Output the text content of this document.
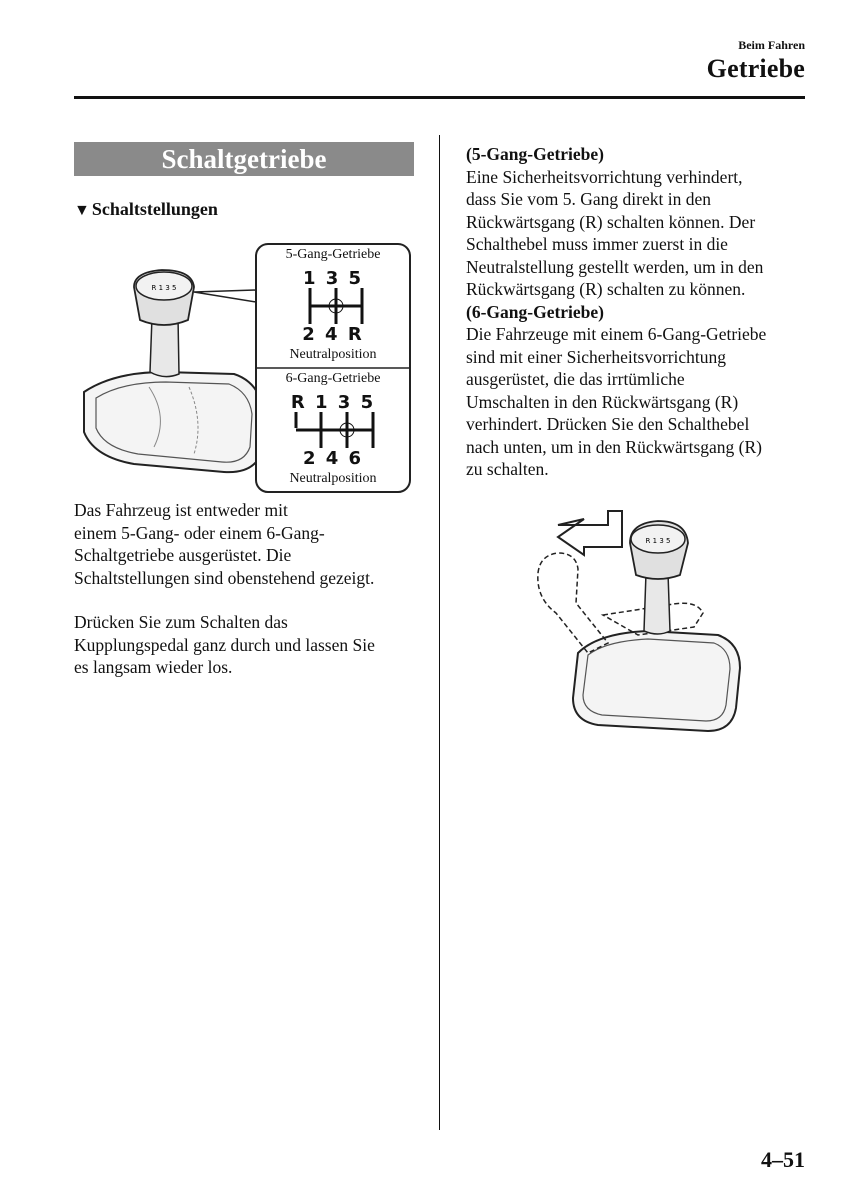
Beim Fahren
Getriebe
Schaltgetriebe
▼ Schaltstellungen
R 1 3 5
5-Gang-Getriebe
1 3 5
2 4 R
Neutralposition
6-Gang-Getriebe
R 1 3 5
2 4 6
Neutralposition
Das Fahrzeug ist entweder mit
einem 5-Gang- oder einem 6-Gang-
Schaltgetriebe ausgerüstet. Die
Schaltstellungen sind obenstehend gezeigt.
Drücken Sie zum Schalten das
Kupplungspedal ganz durch und lassen Sie
es langsam wieder los.
(5-Gang-Getriebe)
Eine Sicherheitsvorrichtung verhindert,
dass Sie vom 5. Gang direkt in den
Rückwärtsgang (R) schalten können. Der
Schalthebel muss immer zuerst in die
Neutralstellung gestellt werden, um in den
Rückwärtsgang (R) schalten zu können.
(6-Gang-Getriebe)
Die Fahrzeuge mit einem 6-Gang-Getriebe
sind mit einer Sicherheitsvorrichtung
ausgerüstet, die das irrtümliche
Umschalten in den Rückwärtsgang (R)
verhindert. Drücken Sie den Schalthebel
nach unten, um in den Rückwärtsgang (R)
zu schalten.
R 1 3 5
4–51
